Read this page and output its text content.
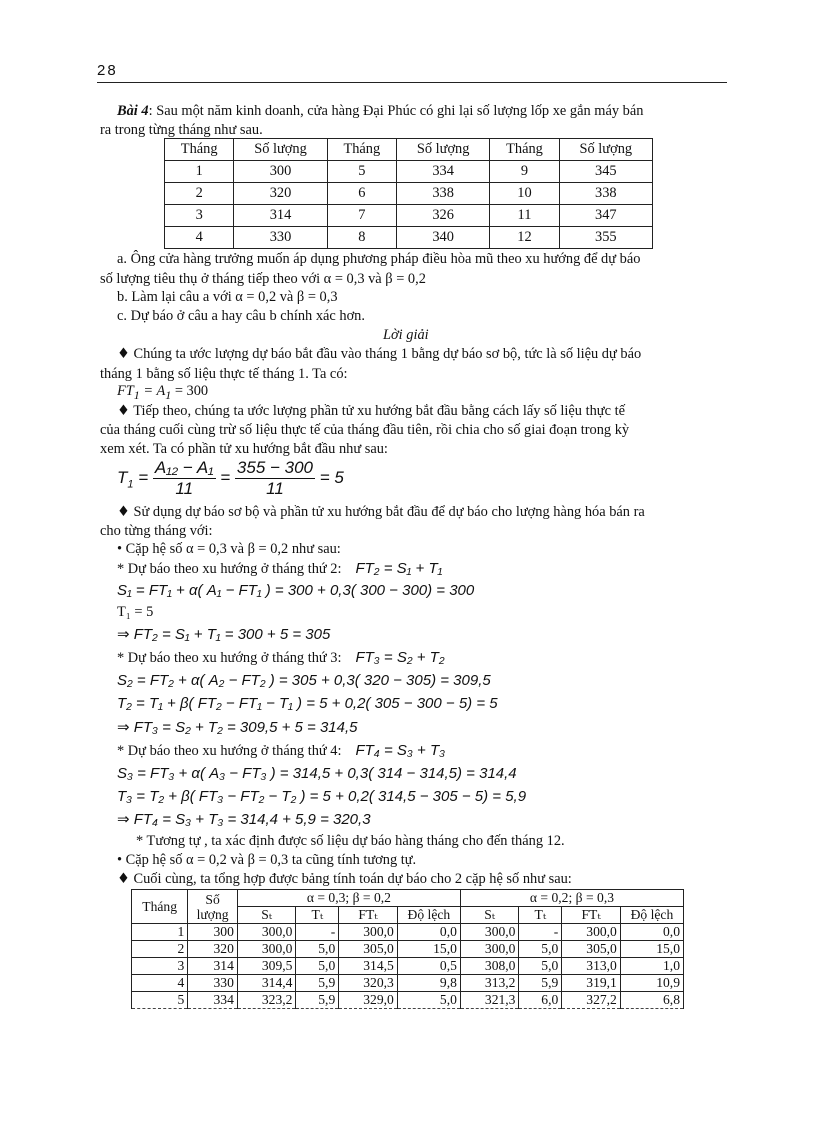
28
Bài 4: Sau một năm kinh doanh, cửa hàng Đại Phúc có ghi lại số lượng lốp xe gắn máy bán
ra trong từng tháng như sau.
Tháng	Số lượng	Tháng	Số lượng	Tháng	Số lượng
1	300	5	334	9	345
2	320	6	338	10	338
3	314	7	326	11	347
4	330	8	340	12	355
a. Ông cửa hàng trưởng muốn áp dụng phương pháp điều hòa mũ theo xu hướng để dự báo
số lượng tiêu thụ ở tháng tiếp theo với α = 0,3 và β = 0,2
b. Làm lại câu a với α = 0,2 và β = 0,3
c. Dự báo ở câu a hay câu b chính xác hơn.
Lời giải
♦ Chúng ta ước lượng dự báo bắt đầu vào tháng 1 bằng dự báo sơ bộ, tức là số liệu dự báo
tháng 1 bằng số liệu thực tế tháng 1. Ta có:
$FT_1 = A_1 = 300$
♦ Tiếp theo, chúng ta ước lượng phần tử xu hướng bắt đầu bằng cách lấy số liệu thực tế
của tháng cuối cùng trừ số liệu thực tế của tháng đầu tiên, rồi chia cho số giai đoạn trong kỳ
xem xét. Ta có phần tử xu hướng bắt đầu như sau:
$T_1 = \frac{\text{A₁₂ − A₁}}{11} = \frac{355 - 300}{11} = 5$
♦ Sử dụng dự báo sơ bộ và phần tử xu hướng bắt đầu để dự báo cho lượng hàng hóa bán ra
cho từng tháng với:
• Cặp hệ số α = 0,3 và β = 0,2 như sau:
* Dự báo theo xu hướng ở tháng thứ 2: FT₂ = S₁ + T₁
S₁ = FT₁ + α( A₁ − FT₁ ) = 300 + 0,3( 300 − 300) = 300
T₁ = 5
⇒ FT₂ = S₁ + T₁ = 300 + 5 = 305
* Dự báo theo xu hướng ở tháng thứ 3: FT₃ = S₂ + T₂
S₂ = FT₂ + α( A₂ − FT₂ ) = 305 + 0,3( 320 − 305) = 309,5
T₂ = T₁ + β( FT₂ − FT₁ − T₁ ) = 5 + 0,2( 305 − 300 − 5) = 5
⇒ FT₃ = S₂ + T₂ = 309,5 + 5 = 314,5
* Dự báo theo xu hướng ở tháng thứ 4: FT₄ = S₃ + T₃
S₃ = FT₃ + α( A₃ − FT₃ ) = 314,5 + 0,3( 314 − 314,5) = 314,4
T₃ = T₂ + β( FT₃ − FT₂ − T₂ ) = 5 + 0,2( 314,5 − 305 − 5) = 5,9
⇒ FT₄ = S₃ + T₃ = 314,4 + 5,9 = 320,3
* Tương tự , ta xác định được số liệu dự báo hàng tháng cho đến tháng 12.
• Cặp hệ số α = 0,2 và β = 0,3 ta cũng tính tương tự.
♦ Cuối cùng, ta tổng hợp được bảng tính toán dự báo cho 2 cặp hệ số như sau:
Tháng	Số lượng	α = 0,3; β = 0,2				α = 0,2; β = 0,3			
		Sₜ	Tₜ	FTₜ	Độ lệch	Sₜ	Tₜ	FTₜ	Độ lệch
1	300	300,0	-	300,0	0,0	300,0	-	300,0	0,0
2	320	300,0	5,0	305,0	15,0	300,0	5,0	305,0	15,0
3	314	309,5	5,0	314,5	0,5	308,0	5,0	313,0	1,0
4	330	314,4	5,9	320,3	9,8	313,2	5,9	319,1	10,9
5	334	323,2	5,9	329,0	5,0	321,3	6,0	327,2	6,8
